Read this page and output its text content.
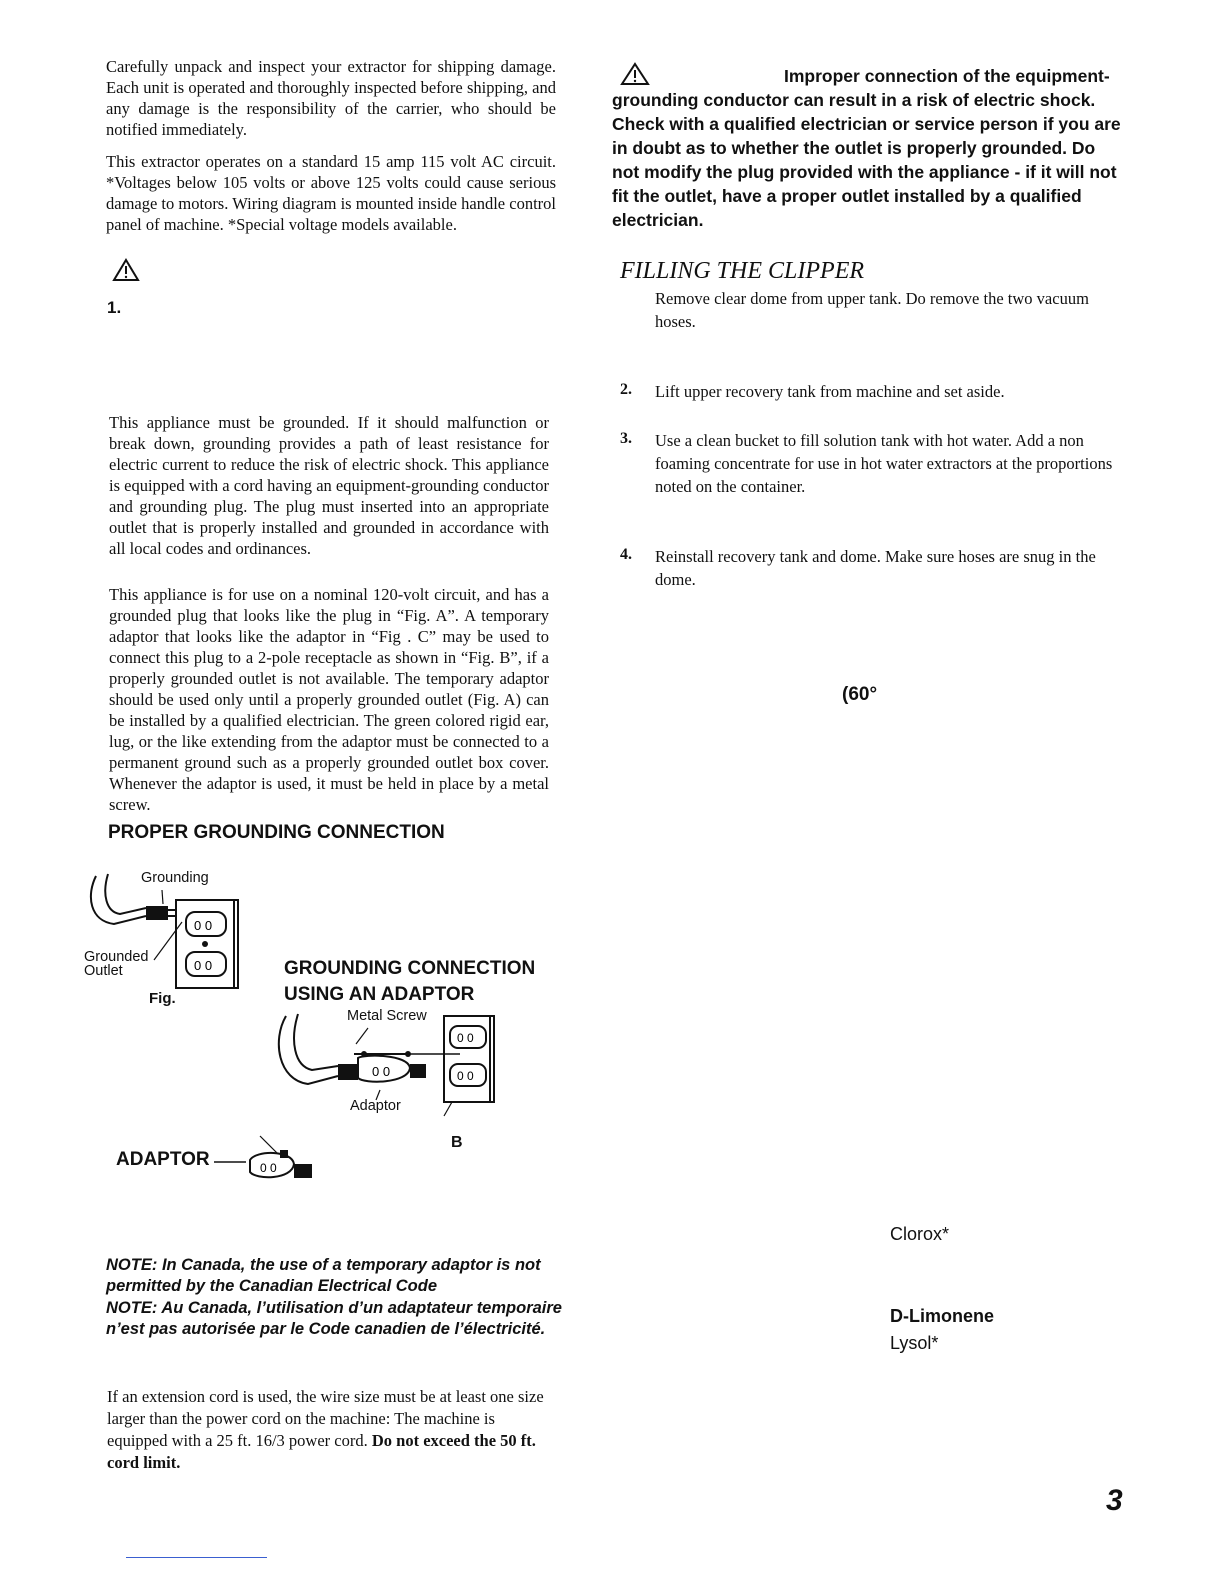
Carefully unpack and inspect your extractor for shipping damage. Each unit is operated and thoroughly inspected before shipping, and any damage is the responsibility of the carrier, who should be notified immediately.
This extractor operates on a standard 15 amp 115 volt AC circuit. *Voltages below 105 volts or above 125 volts could cause serious damage to motors. Wiring diagram is mounted inside handle control panel of machine. *Special voltage models available.
1.
This appliance must be grounded. If it should malfunction or break down, grounding provides a path of least resistance for electric current to reduce the risk of electric shock. This appliance is equipped with a cord having an equipment-grounding conductor and grounding plug. The plug must inserted into an appropriate outlet that is properly installed and grounded in accordance with all local codes and ordinances.
This appliance is for use on a nominal 120-volt circuit, and has a grounded plug that looks like the plug in “Fig. A”. A temporary adaptor that looks like the adaptor in “Fig . C” may be used to connect this plug to a 2-pole receptacle as shown in “Fig. B”, if a properly grounded outlet is not available. The temporary adaptor should be used only until a properly grounded outlet (Fig. A) can be installed by a qualified electrician. The green colored rigid ear, lug, or the like extending from the adaptor must be connected to a permanent ground such as a properly grounded outlet box cover. Whenever the adaptor is used, it must be held in place by a metal screw.
PROPER GROUNDING CONNECTION
0 0
0 0
Grounding
Grounded
Outlet
Fig.
GROUNDING CONNECTION
USING AN ADAPTOR
0 0
0 0
0 0
Metal Screw
Adaptor
B
ADAPTOR	0 0
NOTE: In Canada, the use of a temporary adaptor is not permitted by the Canadian Electrical Code
NOTE: Au Canada, l’utilisation d’un adaptateur temporaire n’est pas autorisée par le Code canadien de l’électricité.
If an extension cord is used, the wire size must be at least one size larger than the power cord on the machine: The machine is equipped with a 25 ft. 16/3 power cord. Do not exceed the 50 ft. cord limit.
Improper connection of the equipment-grounding conductor can result in a risk of electric shock. Check with a qualified electrician or service person if you are in doubt as to whether the outlet is properly grounded. Do not modify the plug provided with the appliance - if it will not fit the outlet, have a proper outlet installed by a qualified electrician.
FILLING THE CLIPPER
Remove clear dome from upper tank. Do remove the two vacuum hoses.
2. Lift upper recovery tank from machine and set aside.
3. Use a clean bucket to fill solution tank with hot water. Add a non foaming concentrate for use in hot water extractors at the proportions noted on the container.
4. Reinstall recovery tank and dome. Make sure hoses are snug in the dome.
(60°
Clorox*
D-Limonene
Lysol*
3
